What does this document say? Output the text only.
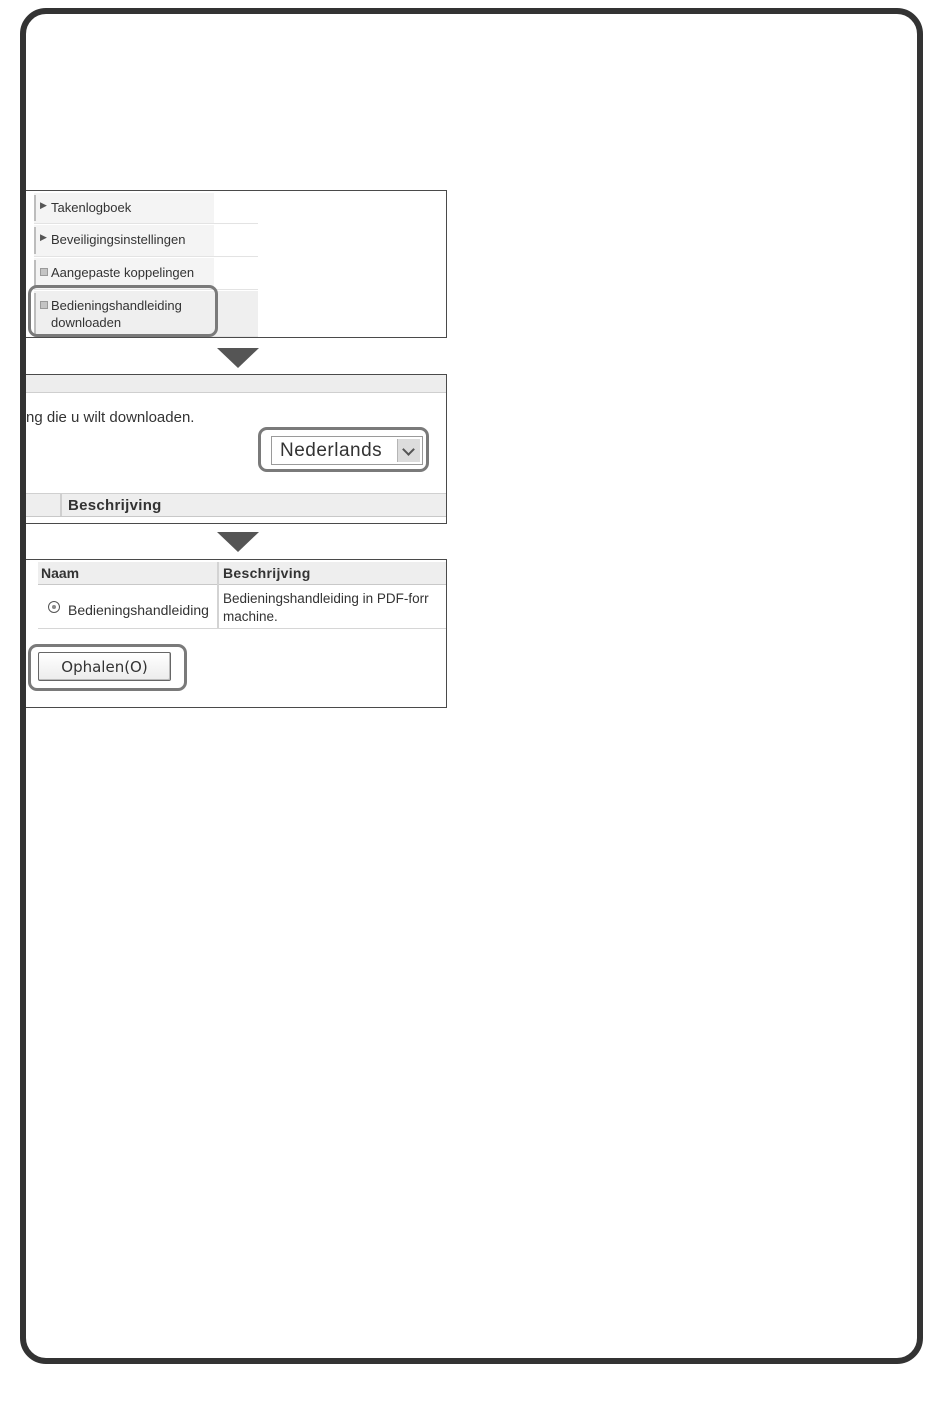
▶ Takenlogboek
▶ Beveiligingsinstellingen
Aangepaste koppelingen
Bedieningshandleiding downloaden
ng die u wilt downloaden.
Nederlands
Beschrijving
Naam	Beschrijving
Bedieningshandleiding
Bedieningshandleiding in PDF-forr
machine.
Ophalen(O)
